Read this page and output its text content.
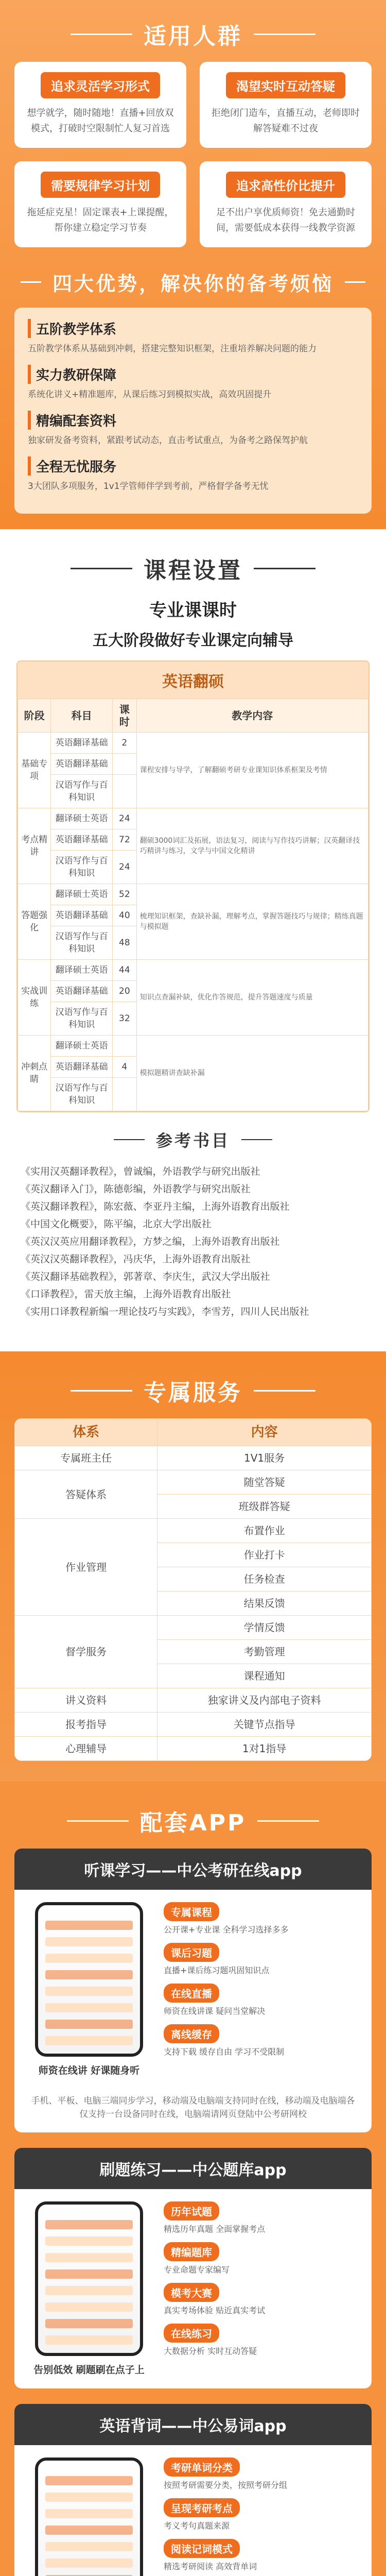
适用人群
追求灵活学习形式

想学就学，随时随地！直播+回放双模式，打破时空限制忙人复习首选

渴望实时互动答疑

拒绝闭门造车，直播互动，老师即时解答疑难不过夜

需要规律学习计划

拖延症克星！固定课表+上课提醒，帮你建立稳定学习节奏

追求高性价比提升

足不出户享优质师资！免去通勤时间，需要低成本获得一线教学资源

四大优势，解决你的备考烦恼
五阶教学体系

五阶教学体系从基础到冲刺，搭建完整知识框架，注重培养解决问题的能力

实力教研保障

系统化讲义+精准题库，从课后练习到模拟实战，高效巩固提升

精编配套资料

独家研发备考资料，紧跟考试动态，直击考试重点，为备考之路保驾护航

全程无忧服务

3大团队多项服务，1v1学管师伴学到考前，严格督学备考无忧

课程设置
专业课课时
五大阶段做好专业课定向辅导
英语翻硕
阶段	科目	课时	教学内容
基础专项	英语翻译基础	2	课程安排与导学，了解翻硕考研专业课知识体系框架及考情
	英语翻译基础		
	汉语写作与百科知识		
考点精讲	翻译硕士英语	24	翻硕3000词汇及拓展，语法复习，阅读与写作技巧讲解；汉英翻译技巧精讲与练习，文学与中国文化精讲
	英语翻译基础	72	
	汉语写作与百科知识	24	
答题强化	翻译硕士英语	52	梳理知识框架，查缺补漏，理解考点，掌握答题技巧与规律；精练真题与模拟题
	英语翻译基础	40	
	汉语写作与百科知识	48	
实战训练	翻译硕士英语	44	知识点查漏补缺，优化作答规范，提升答题速度与质量
	英语翻译基础	20	
	汉语写作与百科知识	32	
冲刺点睛	翻译硕士英语		模拟题精讲查缺补漏
	英语翻译基础	4	
	汉语写作与百科知识		
参考书目

《实用汉英翻译教程》，曾诚编，外语教学与研究出版社

《英汉翻译入门》，陈德彰编，外语教学与研究出版社

《英汉翻译教程》，陈宏薇、李亚丹主编，上海外语教育出版社

《中国文化概要》，陈平编，北京大学出版社

《英汉汉英应用翻译教程》，方梦之编，上海外语教育出版社

《英汉汉英翻译教程》，冯庆华，上海外语教育出版社

《英汉翻译基础教程》，郭著章、李庆生，武汉大学出版社

《口译教程》，雷天放主编，上海外语教育出版社

《实用口译教程新编一理论技巧与实践》，李雪芳，四川人民出版社

专属服务
体系	内容
专属班主任	1V1服务
答疑体系	随堂答疑
	班级群答疑
作业管理	布置作业
	作业打卡
	任务检查
	结果反馈
督学服务	学情反馈
	考勤管理
	课程通知
讲义资料	独家讲义及内部电子资料
报考指导	关键节点指导
心理辅导	1对1指导
配套APP
听课学习——中公考研在线app
师资在线讲 好课随身听
专属课程

公开课+专业课 全科学习选择多多

课后习题

直播+课后练习题巩固知识点

在线直播

师资在线讲课 疑问当堂解决

离线缓存

支持下载 缓存自由 学习不受限制

手机、平板、电脑三端同步学习，移动端及电脑端支持同时在线，移动端及电脑端各仅支持一台设备同时在线，电脑端请网页登陆中公考研网校
刷题练习——中公题库app
告别低效 刷题刷在点子上
历年试题

精选历年真题 全面掌握考点

精编题库

专业命题专家编写

模考大赛

真实考场体验 贴近真实考试

在线练习

大数据分析 实时互动答疑

英语背词——中公易词app
考研单词分类

按照考研需要分类，按照考研分组

呈现考研考点

考义考句真题来源

阅读记词模式

精选考研阅读 高效背单词
